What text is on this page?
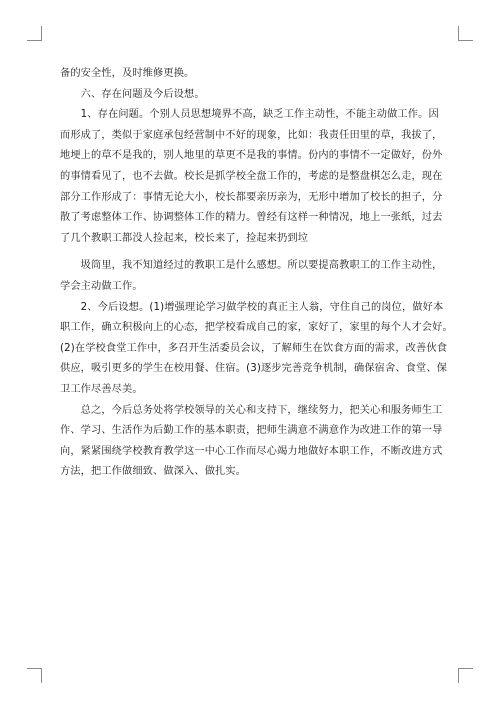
备的安全性，及时维修更换。

　　六、存在问题及今后设想。

　　1、存在问题。个别人员思想境界不高，缺乏工作主动性，不能主动做工作。因

而形成了，类似于家庭承包经营制中不好的现象，比如：我责任田里的草，我拔了，

地埂上的草不是我的，别人地里的草更不是我的事情。份内的事情不一定做好，份外

的事情看见了，也不去做。校长是抓学校全盘工作的，考虑的是整盘棋怎么走，现在

部分工作形成了：事情无论大小，校长都要亲历亲为，无形中增加了校长的担子，分

散了考虑整体工作、协调整体工作的精力。曾经有这样一种情况，地上一张纸，过去

了几个教职工都没人捡起来，校长来了，捡起来扔到垃

　　圾筒里，我不知道经过的教职工是什么感想。所以要提高教职工的工作主动性，

学会主动做工作。

　　2、今后设想。(1)增强理论学习做学校的真正主人翁，守住自己的岗位，做好本

职工作，确立积极向上的心态，把学校看成自己的家，家好了，家里的每个人才会好。

(2)在学校食堂工作中，多召开生活委员会议，了解师生在饮食方面的需求，改善伙食

供应，吸引更多的学生在校用餐、住宿。(3)逐步完善竞争机制，确保宿舍、食堂、保

卫工作尽善尽美。

　　总之，今后总务处将学校领导的关心和支持下，继续努力，把关心和服务师生工

作、学习、生活作为后勤工作的基本职责，把师生满意不满意作为改进工作的第一导

向，紧紧围绕学校教育教学这一中心工作而尽心竭力地做好本职工作，不断改进方式

方法，把工作做细致、做深入、做扎实。
